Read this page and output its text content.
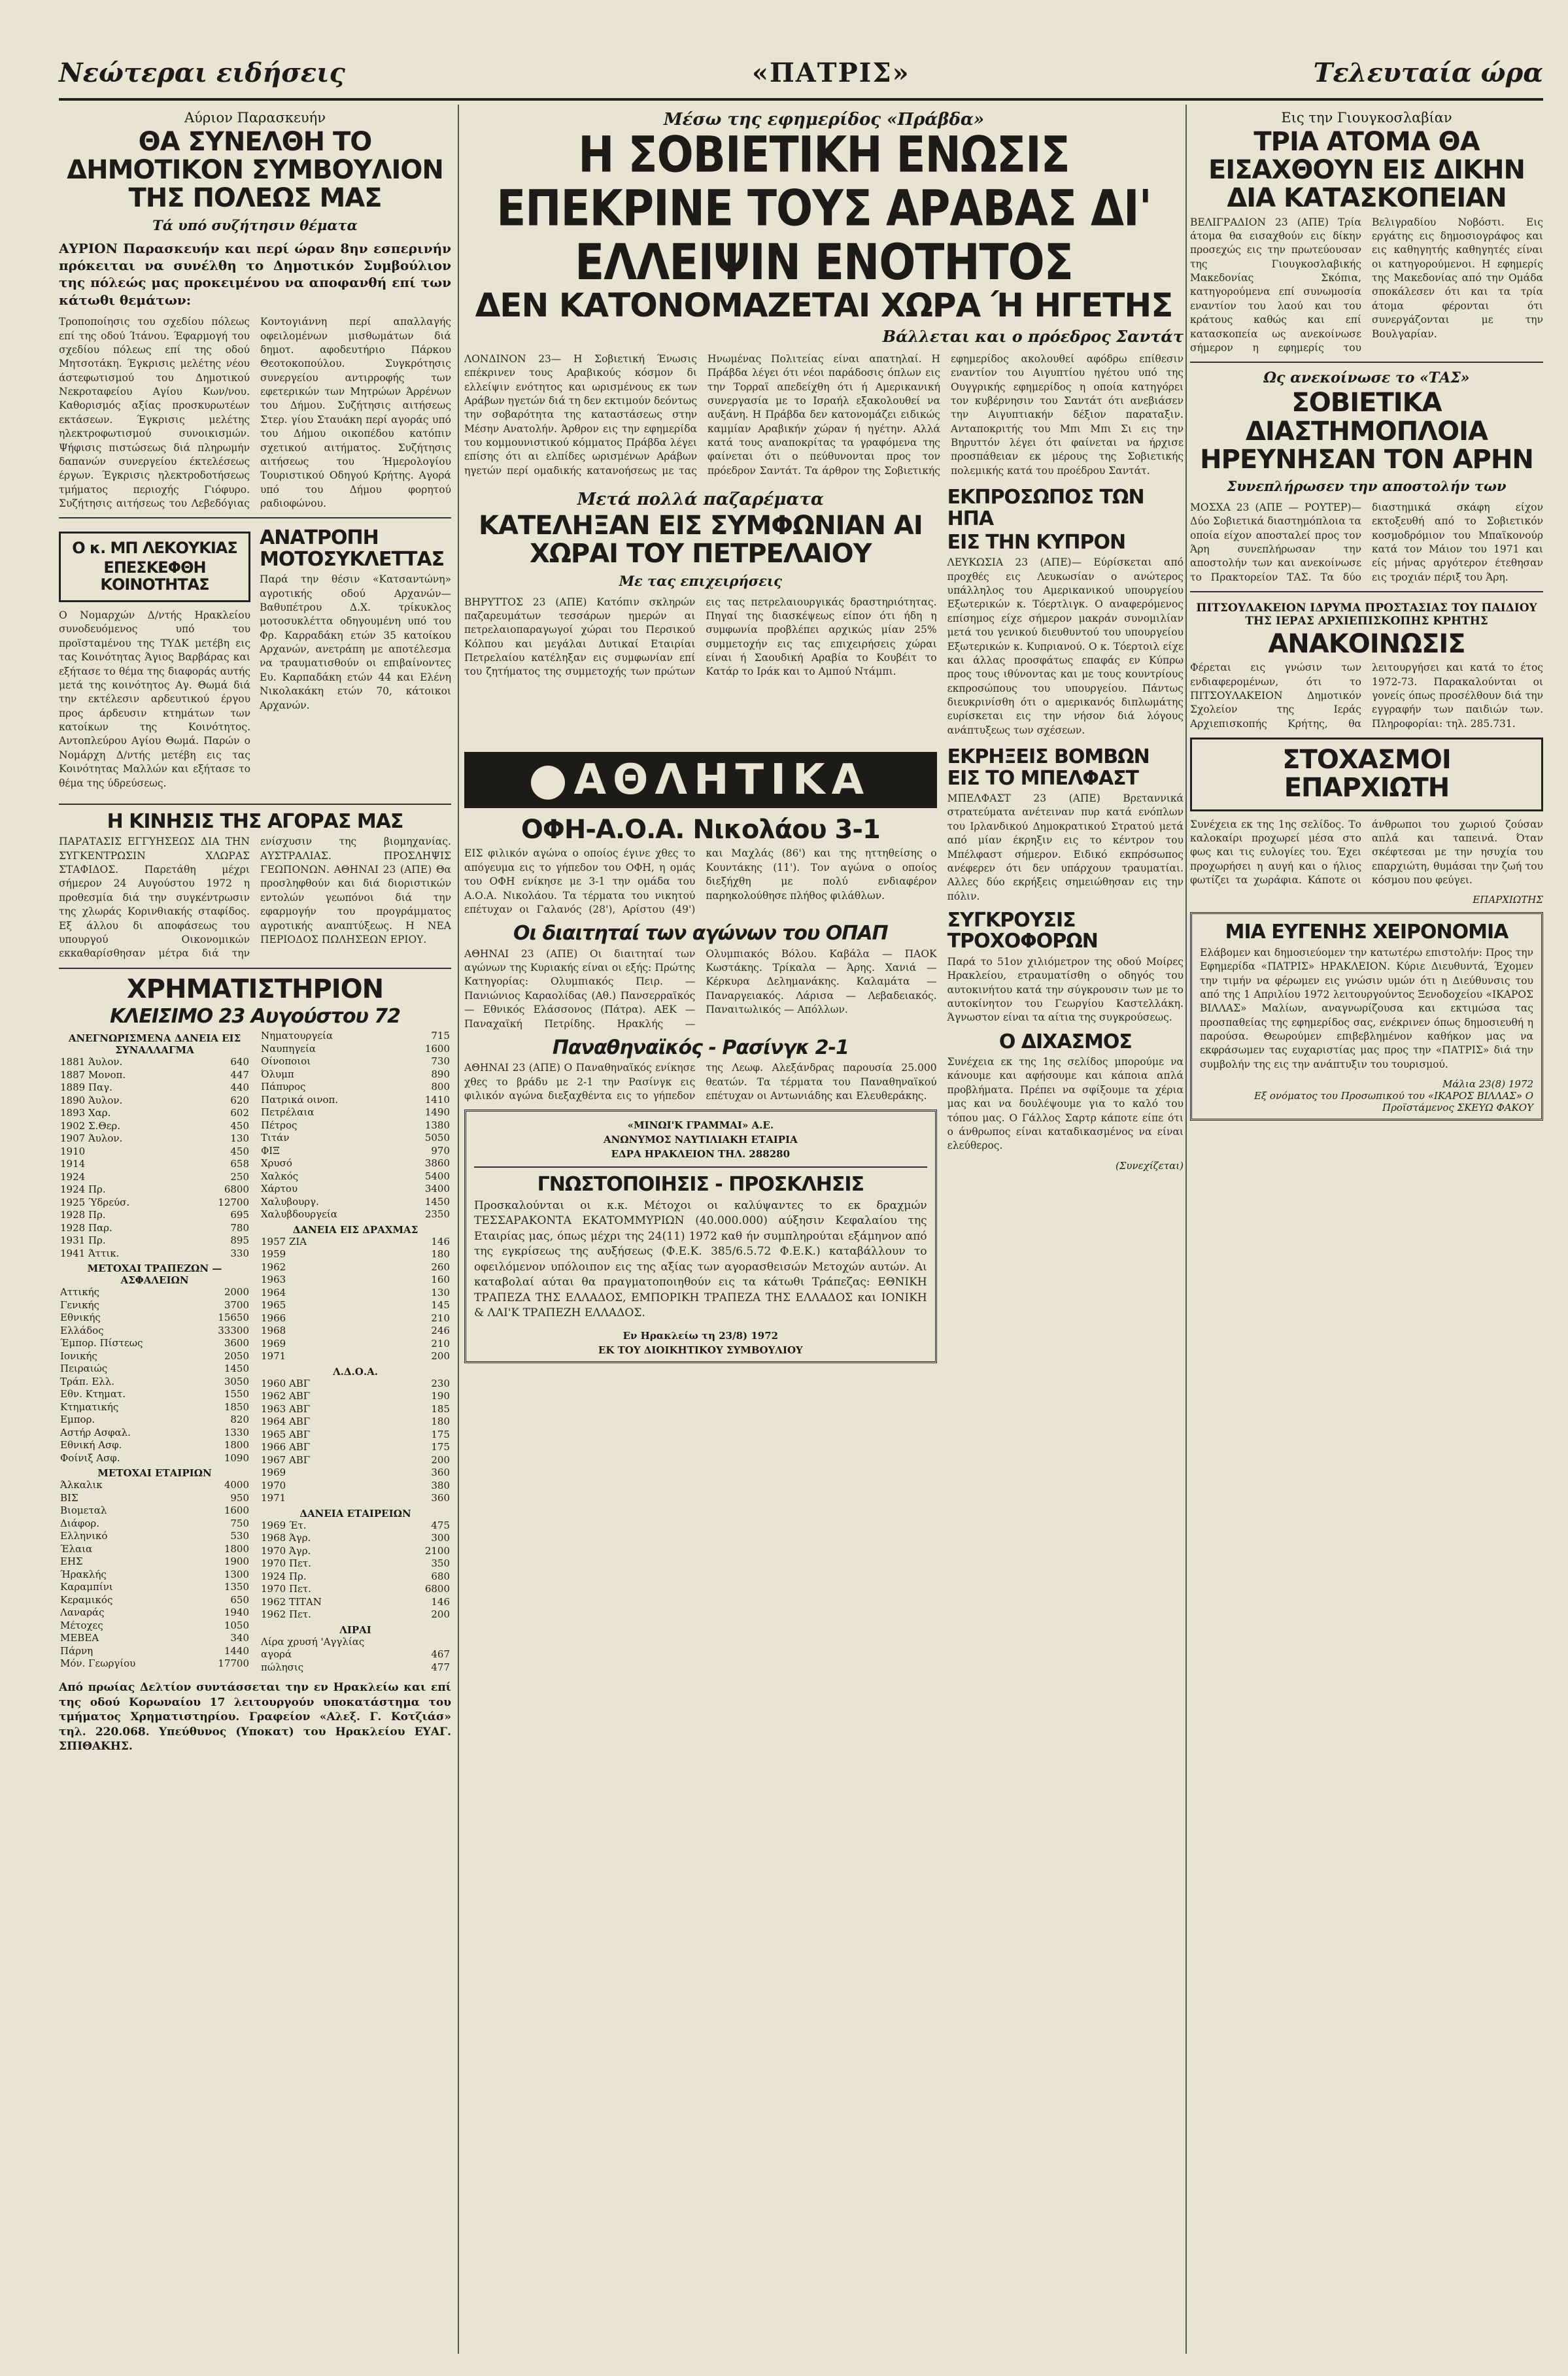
Νεώτεραι ειδήσεις	«ΠΑΤΡΙΣ»	Τελευταία ώρα
Αύριον Παρασκευήν
ΘΑ ΣΥΝΕΛΘΗ ΤΟ ΔΗΜΟΤΙΚΟΝ ΣΥΜΒΟΥΛΙΟΝ ΤΗΣ ΠΟΛΕΩΣ ΜΑΣ
Τά υπό συζήτησιν θέματα
ΑΥΡΙΟΝ Παρασκευήν και περί ώραν 8ην εσπερινήν πρόκειται να συνέλθη το Δημοτικόν Συμβούλιον της πόλεώς μας προκειμένου να αποφανθή επί των κάτωθι θεμάτων:
Τροποποίησις του σχεδίου πόλεως επί της οδού Ίτάνου. Έφαρμογή του σχεδίου πόλεως επί της οδού Μητσοτάκη. Έγκρισις μελέτης νέου άστεφωτισμού του Δημοτικού Νεκροταφείου Αγίου Κων/νου. Καθορισμός αξίας προσκυρωτέων εκτάσεων. Έγκρισις μελέτης ηλεκτροφωτισμού συνοικισμών. Ψήφισις πιστώσεως διά πληρωμήν δαπανών συνεργείου έκτελέσεως έργων. Έγκρισις ηλεκτροδοτήσεως τμήματος περιοχής Γιόφυρο. Συζήτησις αιτήσεως του Λεβεδόγιας Κοντογιάννη περί απαλλαγής οφειλομένων μισθωμάτων διά δημοτ. αφοδευτήριο Πάρκου Θεοτοκοπούλου. Συγκρότησις συνεργείου αντιρροφής των εφετερικών των Μητρώων Άρρένων του Δήμου. Συζήτησις αιτήσεως Στερ. γίου Σταυάκη περί αγοράς υπό του Δήμου οικοπέδου κατόπιν σχετικού αιτήματος. Συζήτησις αιτήσεως του Ήμερολογίου Τουριστικού Οδηγού Κρήτης. Αγορά υπό του Δήμου φορητού ραδιοφώνου.
Ο κ. ΜΠ ΛΕΚΟΥΚΙΑΣ
ΕΠΕΣΚΕΦΘΗ ΚΟΙΝΟΤΗΤΑΣ
Ο Νομαρχών Δ/ντής Ηρακλείου συνοδευόμενος υπό του προϊσταμένου της ΤΥΔΚ μετέβη εις τας Κοινότητας Άγιος Βαρβάρας και εξήτασε το θέμα της διαφοράς αυτής μετά της κοινότητος Αγ. Θωμά διά την εκτέλεσιν αρδευτικού έργου προς άρδευσιν κτημάτων των κατοίκων της Κοινότητος. Αντοπλεύρου Αγίου Θωμά. Παρών ο Νομάρχη Δ/ντής μετέβη εις τας Κοινότητας Μαλλών και εξήτασε το θέμα της ύδρεύσεως.
ΑΝΑΤΡΟΠΗ ΜΟΤΟΣΥΚΛΕΤΤΑΣ
Παρά την θέσιν «Κατσαντώνη» αγροτικής οδού Αρχανών—Βαθυπέτρου Δ.Χ. τρίκυκλος μοτοσυκλέττα οδηγουμένη υπό του Φρ. Καρραδάκη ετών 35 κατοίκου Αρχανών, ανετράπη με αποτέλεσμα να τραυματισθούν οι επιβαίνοντες Ευ. Καρπαδάκη ετών 44 και Ελένη Νικολακάκη ετών 70, κάτοικοι Αρχανών.
Η ΚΙΝΗΣΙΣ ΤΗΣ ΑΓΟΡΑΣ ΜΑΣ
ΠΑΡΑΤΑΣΙΣ ΕΓΓΥΗΣΕΩΣ ΔΙΑ ΤΗΝ ΣΥΓΚΕΝΤΡΩΣΙΝ ΧΛΩΡΑΣ ΣΤΑΦΙΔΟΣ. Παρετάθη μέχρι σήμερον 24 Αυγούστου 1972 η προθεσμία διά την συγκέντρωσιν της χλωράς Κορινθιακής σταφίδος. Εξ άλλου δι αποφάσεως του υπουργού Οικονομικών εκκαθαρίσθησαν μέτρα διά την ενίσχυσιν της βιομηχανίας. ΑΥΣΤΡΑΛΙΑΣ. ΠΡΟΣΛΗΨΙΣ ΓΕΩΠΟΝΩΝ. ΑΘΗΝΑΙ 23 (ΑΠΕ) Θα προσληφθούν και διά διοριστικών εντολών γεωπόνοι διά την εφαρμογήν του προγράμματος αγροτικής αναπτύξεως. Η ΝΕΑ ΠΕΡΙΟΔΟΣ ΠΩΛΗΣΕΩΝ ΕΡΙΟΥ.
ΧΡΗΜΑΤΙΣΤΗΡΙΟΝ
ΚΛΕΙΣΙΜΟ 23 Αυγούστου 72
ΑΝΕΓΝΩΡΙΣΜΕΝΑ ΔΑΝΕΙΑ ΕΙΣ ΣΥΝΑΛΛΑΓΜΑ
1881 Άυλον.	640
1887 Μονοπ.	447
1889 Παγ.	440
1890 Άυλον.	620
1893 Χαρ.	602
1902 Σ.Θερ.	450
1907 Άυλον.	130
1910	450
1914	658
1924	250
1924 Πρ.	6800
1925 Ύδρεύσ.	12700
1928 Πρ.	695
1928 Παρ.	780
1931 Πρ.	895
1941 Άττικ.	330
ΜΕΤΟΧΑΙ ΤΡΑΠΕΖΩΝ — ΑΣΦΑΛΕΙΩΝ
Αττικής	2000
Γενικής	3700
Εθνικής	15650
Ελλάδος	33300
Έμπορ. Πίστεως	3600
Ιονικής	2050
Πειραιώς	1450
Τράπ. Ελλ.	3050
Εθν. Κτηματ.	1550
Κτηματικής	1850
Εμπορ.	820
Αστήρ Ασφαλ.	1330
Εθνική Ασφ.	1800
Φοίνιξ Ασφ.	1090
ΜΕΤΟΧΑΙ ΕΤΑΙΡΙΩΝ
Άλκαλικ	4000
ΒΙΣ	950
Βιομεταλ	1600
Διάφορ.	750
Ελληνικό	530
Έλαια	1800
ΕΗΣ	1900
Ήρακλής	1300
Καραμπίνι	1350
Κεραμικός	650
Λαναράς	1940
Μέτοχες	1050
ΜΕΒΕΑ	340
Πάρνη	1440
Μόν. Γεωργίου	17700
Νηματουργεία	715
Ναυπηγεία	1600
Οίνοποιοι	730
Όλυμπ	890
Πάπυρος	800
Πατρικά οινοπ.	1410
Πετρέλαια	1490
Πέτρος	1380
Τιτάν	5050
ΦΙΞ	970
Χρυσό	3860
Χαλκός	5400
Χάρτου	3400
Χαλυβουργ.	1450
Χαλυβδουργεία	2350
ΔΑΝΕΙΑ ΕΙΣ ΔΡΑΧΜΑΣ
1957 ΖΙΑ	146
1959	180
1962	260
1963	160
1964	130
1965	145
1966	210
1968	246
1969	210
1971	200
Λ.Δ.Ο.Α.
1960 ΑΒΓ	230
1962 ΑΒΓ	190
1963 ΑΒΓ	185
1964 ΑΒΓ	180
1965 ΑΒΓ	175
1966 ΑΒΓ	175
1967 ΑΒΓ	200
1969	360
1970	380
1971	360
ΔΑΝΕΙΑ ΕΤΑΙΡΕΙΩΝ
1969 Έτ.	475
1968 Άγρ.	300
1970 Άγρ.	2100
1970 Πετ.	350
1924 Πρ.	680
1970 Πετ.	6800
1962 ΤΙΤΑΝ	146
1962 Πετ.	200
ΛΙΡΑΙ
Λίρα χρυσή 'Αγγλίας	
αγορά	467
πώλησις	477
Από πρωίας Δελτίον συντάσσεται την εν Ηρακλείω και επί της οδού Κορωναίου 17 λειτουργούν υποκατάστημα του τμήματος Χρηματιστηρίου. Γραφείον «Αλεξ. Γ. Κοτζιάσ» τηλ. 220.068. Υπεύθυνος (Υποκατ) του Ηρακλείου ΕΥΑΓ. ΣΠΙΘΑΚΗΣ.
Μέσω της εφημερίδος «Πράβδα»
Η ΣΟΒΙΕΤΙΚΗ ΕΝΩΣΙΣ ΕΠΕΚΡΙΝΕ ΤΟΥΣ ΑΡΑΒΑΣ ΔΙ' ΕΛΛΕΙΨΙΝ ΕΝΟΤΗΤΟΣ
ΔΕΝ ΚΑΤΟΝΟΜΑΖΕΤΑΙ ΧΩΡΑ Ή ΗΓΕΤΗΣ
Βάλλεται και ο πρόεδρος Σαντάτ
ΛΟΝΔΙΝΟΝ 23— Η Σοβιετική Ένωσις επέκρινεν τους Αραβικούς κόσμον δι ελλείψιν ενότητος και ωρισμένους εκ των Αράβων ηγετών διά τη δεν εκτιμούν δεόντως την σοβαρότητα της καταστάσεως στην Μέσην Ανατολήν. Άρθρον εις την εφημερίδα του κομμουνιστικού κόμματος Πράβδα λέγει επίσης ότι αι ελπίδες ωρισμένων Αράβων ηγετών περί ομαδικής κατανοήσεως με τας Ηνωμένας Πολιτείας είναι απατηλαί. Η Πράβδα λέγει ότι νέοι παράδοσις όπλων εις την Τορραϊ απεδείχθη ότι ή Αμερικανική συνεργασία με το Ισραήλ εξακολουθεί να αυξάνη. Η Πράβδα δεν κατονομάζει ειδικώς καμμίαν Αραβικήν χώραν ή ηγέτην. Αλλά κατά τους αναποκρίτας τα γραφόμενα της φαίνεται ότι ο πεύθυνονται προς τον πρόεδρον Σαντάτ. Τα άρθρον της Σοβιετικής εφημερίδος ακολουθεί αφόδρω επίθεσιν εναντίον του Αιγυπτίου ηγέτου υπό της Ουγγρικής εφημερίδος η οποία κατηγόρει τον κυβέρνησιν του Σαντάτ ότι ανεβιάσεν την Αιγυπτιακήν δέξιον παραταξιν. Ανταποκριτής του Μπι Μπι Σι εις την Βηρυττόν λέγει ότι φαίνεται να ήρχισε προσπάθειαν εκ μέρους της Σοβιετικής πολεμικής κατά του προέδρου Σαντάτ.
Μετά πολλά παζαρέματα
ΚΑΤΕΛΗΞΑΝ ΕΙΣ ΣΥΜΦΩΝΙΑΝ ΑΙ ΧΩΡΑΙ ΤΟΥ ΠΕΤΡΕΛΑΙΟΥ
Με τας επιχειρήσεις
ΒΗΡΥΤΤΟΣ 23 (ΑΠΕ) Κατόπιν σκληρών παζαρευμάτων τεσσάρων ημερών αι πετρελαιοπαραγωγοί χώραι του Περσικού Κόλπου και μεγάλαι Δυτικαί Εταιρίαι Πετρελαίου κατέληξαν εις συμφωνίαν επί του ζητήματος της συμμετοχής των πρώτων εις τας πετρελαιουργικάς δραστηριότητας. Πηγαί της διασκέψεως είπον ότι ήδη η συμφωνία προβλέπει αρχικώς μίαν 25% συμμετοχήν εις τας επιχειρήσεις χώραι είναι ή Σαουδική Αραβία το Κουβέιτ το Κατάρ το Ιράκ και το Αμπού Ντάμπι.
ΕΚΠΡΟΣΩΠΟΣ ΤΩΝ ΗΠΑ
ΕΙΣ ΤΗΝ ΚΥΠΡΟΝ
ΛΕΥΚΩΣΙΑ 23 (ΑΠΕ)— Εύρίσκεται από προχθές εις Λευκωσίαν ο ανώτερος υπάλληλος του Αμερικανικού υπουργείου Εξωτερικών κ. Τόερτλιγκ. Ο αναφερόμενος επίσημος είχε σήμερον μακράν συνομιλίαν μετά του γενικού διευθυντού του υπουργείου Εξωτερικών κ. Κυπριανού. Ο κ. Τόερτοιλ είχε και άλλας προσφάτως επαφάς εν Κύπρω προς τους ιθύνοντας και με τους κουντρίους εκπροσώπους του υπουργείου. Πάντως διευκρινίσθη ότι ο αμερικανός διπλωμάτης ευρίσκεται εις την νήσον διά λόγους ανάπτυξεως των σχέσεων.
ΑΘΛΗΤΙΚΑ
ΟΦΗ-Α.Ο.Α. Νικολάου 3-1
ΕΙΣ φιλικόν αγώνα ο οποίος έγινε χθες το απόγευμα εις το γήπεδον του ΟΦΗ, η ομάς του ΟΦΗ ενίκησε με 3-1 την ομάδα του Α.Ο.Α. Νικολάου. Τα τέρματα του νικητού επέτυχαν οι Γαλανός (28'), Αρίστου (49') και Μαχλάς (86') και της ηττηθείσης ο Κουντάκης (11'). Τον αγώνα ο οποίος διεξήχθη με πολύ ενδιαφέρον παρηκολούθησε πλήθος φιλάθλων.
Οι διαιτηταί των αγώνων του ΟΠΑΠ
ΑΘΗΝΑΙ 23 (ΑΠΕ) Οι διαιτηταί των αγώνων της Κυριακής είναι οι εξής: Πρώτης Κατηγορίας: Ολυμπιακός Πειρ. — Πανιώνιος Καραολίδας (Αθ.) Πανσερραϊκός — Εθνικός Ελάσσονος (Πάτρα). ΑΕΚ — Παναχαϊκή Πετρίδης. Ηρακλής — Ολυμπιακός Βόλου. Καβάλα — ΠΑΟΚ Κωστάκης. Τρίκαλα — Άρης. Χανιά — Κέρκυρα Δελημανάκης. Καλαμάτα — Παναργειακός. Λάρισα — Λεβαδειακός. Παναιτωλικός — Απόλλων.
Παναθηναϊκός - Ρασίνγκ 2-1
ΑΘΗΝΑΙ 23 (ΑΠΕ) Ο Παναθηναϊκός ενίκησε χθες το βράδυ με 2-1 την Ρασίνγκ εις φιλικόν αγώνα διεξαχθέντα εις το γήπεδον της Λεωφ. Αλεξάνδρας παρουσία 25.000 θεατών. Τα τέρματα του Παναθηναϊκού επέτυχαν οι Αντωνιάδης και Ελευθεράκης.
«ΜΙΝΩΙ'Κ ΓΡΑΜΜΑΙ» Α.Ε.
ΑΝΩΝΥΜΟΣ ΝΑΥΤΙΛΙΑΚΗ ΕΤΑΙΡΙΑ
ΕΔΡΑ ΗΡΑΚΛΕΙΟΝ ΤΗΛ. 288280
ΓΝΩΣΤΟΠΟΙΗΣΙΣ - ΠΡΟΣΚΛΗΣΙΣ
Προσκαλούνται οι κ.κ. Μέτοχοι οι καλύψαντες το εκ δραχμών ΤΕΣΣΑΡΑΚΟΝΤΑ ΕΚΑΤΟΜΜΥΡΙΩΝ (40.000.000) αύξησιν Κεφαλαίου της Εταιρίας μας, όπως μέχρι της 24(11) 1972 καθ ήν συμπληρούται εξάμηνον από της εγκρίσεως της αυξήσεως (Φ.Ε.Κ. 385/6.5.72 Φ.Ε.Κ.) καταβάλλουν το οφειλόμενον υπόλοιπον εις της αξίας των αγορασθεισών Μετοχών αυτών. Αι καταβολαί αύται θα πραγματοποιηθούν εις τα κάτωθι Τράπεζας: ΕΘΝΙΚΗ ΤΡΑΠΕΖΑ ΤΗΣ ΕΛΛΑΔΟΣ, ΕΜΠΟΡΙΚΗ ΤΡΑΠΕΖΑ ΤΗΣ ΕΛΛΑΔΟΣ και ΙΟΝΙΚΗ & ΛΑΙ'Κ ΤΡΑΠΕΖΗ ΕΛΛΑΔΟΣ.
Εν Ηρακλείω τη 23/8) 1972
ΕΚ ΤΟΥ ΔΙΟΙΚΗΤΙΚΟΥ ΣΥΜΒΟΥΛΙΟΥ
ΕΚΡΗΞΕΙΣ ΒΟΜΒΩΝ ΕΙΣ ΤΟ ΜΠΕΛΦΑΣΤ
ΜΠΕΛΦΑΣΤ 23 (ΑΠΕ) Βρεταννικά στρατεύματα ανέτειναν πυρ κατά ενόπλων του Ιρλανδικού Δημοκρατικού Στρατού μετά από μίαν έκρηξιν εις το κέντρον του Μπέλφαστ σήμερον. Ειδικό εκπρόσωπος ανέφερεν ότι δεν υπάρχουν τραυματίαι. Αλλες δύο εκρήξεις σημειώθησαν εις την πόλιν.
ΣΥΓΚΡΟΥΣΙΣ ΤΡΟΧΟΦΟΡΩΝ
Παρά το 51ον χιλιόμετρον της οδού Μοίρες Ηρακλείου, ετραυματίσθη ο οδηγός του αυτοκινήτου κατά την σύγκρουσιν των με το αυτοκίνητον του Γεωργίου Καστελλάκη. Άγνωστον είναι τα αίτια της συγκρούσεως.
Ο ΔΙΧΑΣΜΟΣ
Συνέχεια εκ της 1ης σελίδος μπορούμε να κάνουμε και αφήσουμε και κάποια απλά προβλήματα. Πρέπει να σφίξουμε τα χέρια μας και να δουλέψουμε για το καλό του τόπου μας. Ο Γάλλος Σαρτρ κάποτε είπε ότι ο άνθρωπος είναι καταδικασμένος να είναι ελεύθερος.
(Συνεχίζεται)
Εις την Γιουγκοσλαβίαν
ΤΡΙΑ ΑΤΟΜΑ ΘΑ ΕΙΣΑΧΘΟΥΝ ΕΙΣ ΔΙΚΗΝ ΔΙΑ ΚΑΤΑΣΚΟΠΕΙΑΝ
ΒΕΛΙΓΡΑΔΙΟΝ 23 (ΑΠΕ) Τρία άτομα θα εισαχθούν εις δίκην προσεχώς εις την πρωτεύουσαν της Γιουγκοσλαβικής Μακεδονίας Σκόπια, κατηγορούμενα επί συνωμοσία εναντίον του λαού και του κράτους καθώς και επί κατασκοπεία ως ανεκοίνωσε σήμερον η εφημερίς του Βελιγραδίου Νοβόστι. Εις εργάτης εις δημοσιογράφος και εις καθηγητής καθηγητές είναι οι κατηγορούμενοι. Η εφημερίς της Μακεδονίας από την Ομάδα σποκάλεσεν ότι και τα τρία άτομα φέρονται ότι συνεργάζονται με την Βουλγαρίαν.
Ως ανεκοίνωσε το «ΤΑΣ»
ΣΟΒΙΕΤΙΚΑ ΔΙΑΣΤΗΜΟΠΛΟΙΑ ΗΡΕΥΝΗΣΑΝ ΤΟΝ ΑΡΗΝ
Συνεπλήρωσεν την αποστολήν των
ΜΟΣΧΑ 23 (ΑΠΕ — ΡΟΥΤΕΡ)— Δύο Σοβιετικά διαστημόπλοια τα οποία είχον αποσταλεί προς τον Άρη συνεπλήρωσαν την αποστολήν των και ανεκοίνωσε το Πρακτορείον ΤΑΣ. Τα δύο διαστημικά σκάφη είχον εκτοξευθή από το Σοβιετικόν κοσμοδρόμιον του Μπαϊκονούρ κατά τον Μάιον του 1971 και είς μήνας αργότερον έτεθησαν εις τροχιάν πέριξ του Άρη.
ΠΙΤΣΟΥΛΑΚΕΙΟΝ ΙΔΡΥΜΑ ΠΡΟΣΤΑΣΙΑΣ ΤΟΥ ΠΑΙΔΙΟΥ ΤΗΣ ΙΕΡΑΣ ΑΡΧΙΕΠΙΣΚΟΠΗΣ ΚΡΗΤΗΣ
ΑΝΑΚΟΙΝΩΣΙΣ
Φέρεται εις γνώσιν των ενδιαφερομένων, ότι το ΠΙΤΣΟΥΛΑΚΕΙΟΝ Δημοτικόν Σχολείον της Ιεράς Αρχιεπισκοπής Κρήτης, θα λειτουργήσει και κατά το έτος 1972-73. Παρακαλούνται οι γονείς όπως προσέλθουν διά την εγγραφήν των παιδιών των. Πληροφορίαι: τηλ. 285.731.
ΣΤΟΧΑΣΜΟΙ ΕΠΑΡΧΙΩΤΗ
Συνέχεια εκ της 1ης σελίδος. Το καλοκαίρι προχωρεί μέσα στο φως και τις ευλογίες του. Έχει προχωρήσει η αυγή και ο ήλιος φωτίζει τα χωράφια. Κάποτε οι άνθρωποι του χωριού ζούσαν απλά και ταπεινά. Όταν σκέφτεσαι με την ησυχία του επαρχιώτη, θυμάσαι την ζωή του κόσμου που φεύγει.
ΕΠΑΡΧΙΩΤΗΣ
ΜΙΑ ΕΥΓΕΝΗΣ ΧΕΙΡΟΝΟΜΙΑ
Ελάβομεν και δημοσιεύομεν την κατωτέρω επιστολήν: Προς την Εφημερίδα «ΠΑΤΡΙΣ» ΗΡΑΚΛΕΙΟΝ. Κύριε Διευθυντά, Έχομεν την τιμήν να φέρωμεν εις γνώσιν υμών ότι η Διεύθυνσις του από της 1 Απριλίου 1972 λειτουργούντος Ξενοδοχείου «ΙΚΑΡΟΣ ΒΙΛΛΑΣ» Μαλίων, αναγνωρίζουσα και εκτιμώσα τας προσπαθείας της εφημερίδος σας, ενέκρινεν όπως δημοσιευθή η παρούσα. Θεωρούμεν επιβεβλημένον καθήκον μας να εκφράσωμεν τας ευχαριστίας μας προς την «ΠΑΤΡΙΣ» διά την συμβολήν της εις την ανάπτυξιν του τουρισμού.
Μάλια 23(8) 1972
Εξ ονόματος του Προσωπικού του «ΙΚΑΡΟΣ ΒΙΛΛΑΣ» Ο Προϊστάμενος ΣΚΕΥΩ ΦΑΚΟΥ
